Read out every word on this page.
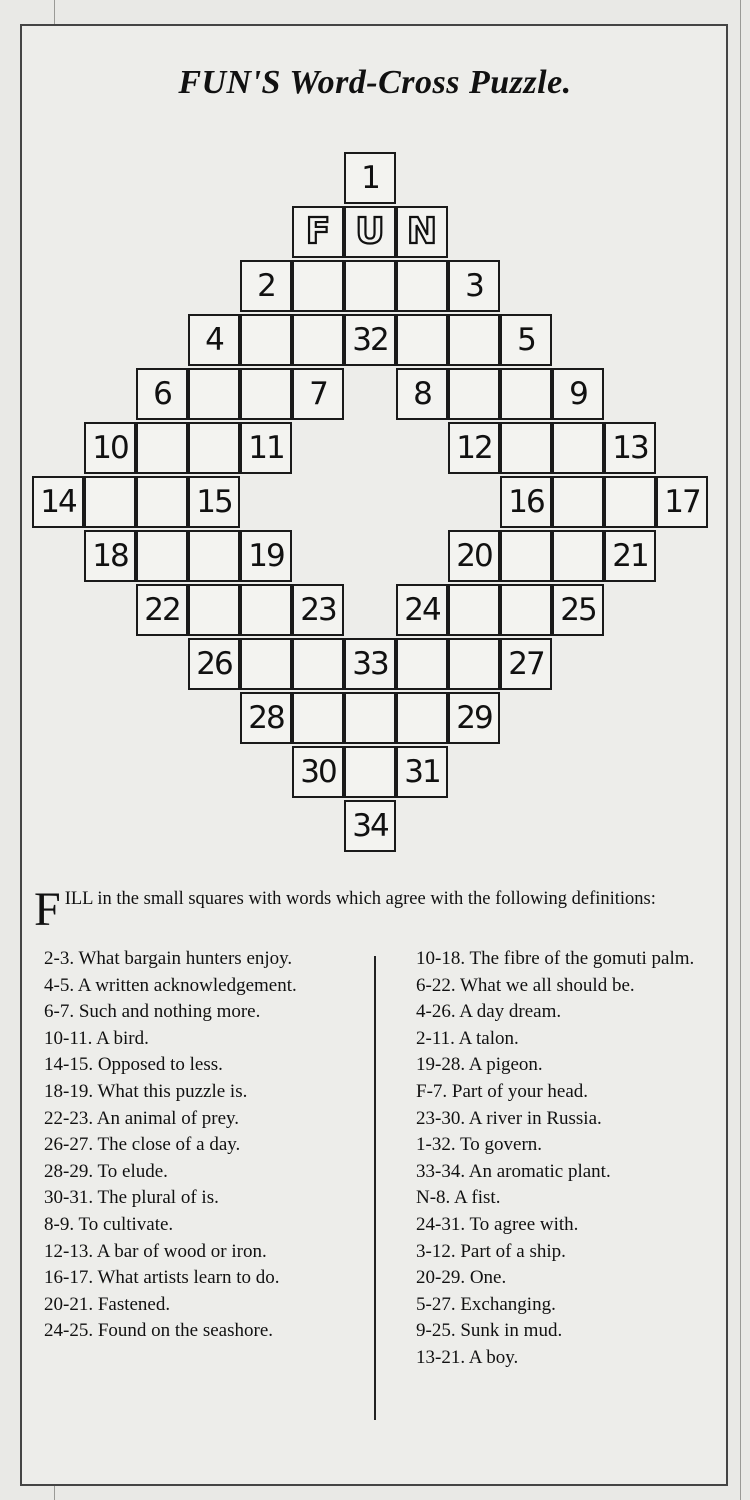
FUN'S Word-Cross Puzzle.
1
F U N
2	3
4	32	5
6	7	8	9
10	11	12	13
14	15	16	17
18	19	20	21
22	23 24	25
26	33	27
28	29
30 31
34
F ILL in the small squares with words which agree with the following definitions:
2-3. What bargain hunters enjoy.
4-5. A written acknowledgement.
6-7. Such and nothing more.
10-11. A bird.
14-15. Opposed to less.
18-19. What this puzzle is.
22-23. An animal of prey.
26-27. The close of a day.
28-29. To elude.
30-31. The plural of is.
8-9. To cultivate.
12-13. A bar of wood or iron.
16-17. What artists learn to do.
20-21. Fastened.
24-25. Found on the seashore.
10-18. The fibre of the gomuti palm.
6-22. What we all should be.
4-26. A day dream.
2-11. A talon.
19-28. A pigeon.
F-7. Part of your head.
23-30. A river in Russia.
1-32. To govern.
33-34. An aromatic plant.
N-8. A fist.
24-31. To agree with.
3-12. Part of a ship.
20-29. One.
5-27. Exchanging.
9-25. Sunk in mud.
13-21. A boy.
